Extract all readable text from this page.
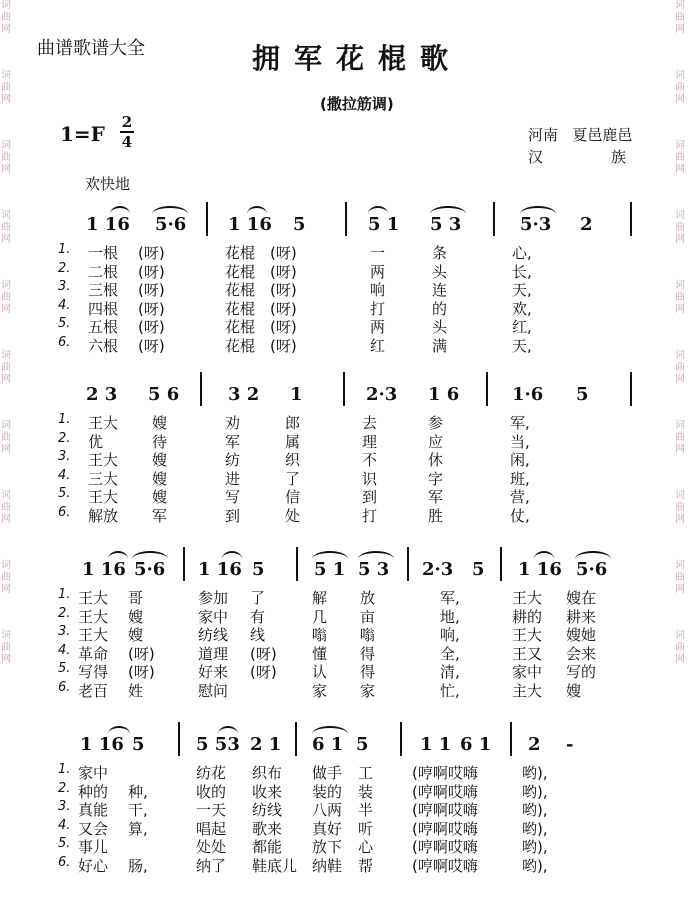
词曲网
词曲网
词曲网
词曲网
词曲网
词曲网
词曲网
词曲网
词曲网
词曲网
词曲网
词曲网
词曲网
词曲网
词曲网
词曲网
词曲网
词曲网
词曲网
词曲网
曲谱歌谱大全	拥军花棍歌
(撒拉筋调)
1=F 2
4	河南 夏邑鹿邑
汉	族
欢快地
1 16 5·6 1 16 5	5 1 5 3	5·3 2
1. 一根 (呀)	花棍 (呀)	一	条	心,
2. 二根 (呀)	花棍 (呀)	两	头	长,
3. 三根 (呀)	花棍 (呀)	响	连	天,
4. 四根 (呀)	花棍 (呀)	打	的	欢,
5. 五根 (呀)	花棍 (呀)	两	头	红,
6. 六根 (呀)	花棍 (呀)	红	满	天,
2 3 5 6	3 2 1	2·3 1 6	1·6 5
1. 王大 嫂	劝	郎	去	参	军,
2. 优	待	军	属	理	应	当,
3. 王大 嫂	纺	织	不	休	闲,
4. 三大 嫂	进	了	识	字	班,
5. 王大 嫂	写	信	到	军	营,
6. 解放 军	到	处	打	胜	仗,
1 16 5·6 1 16 5	5 1 5 3 2·3 5 1 16 5·6
1. 王大 哥	参加 了	解 放	军,	王大 嫂在
2. 王大 嫂	家中 有	几 亩	地,	耕的 耕来
3. 王大 嫂	纺线 线	嗡 嗡	响,	王大 嫂她
4. 革命 (呀)	道理 (呀) 懂 得	全,	王又 会来
5. 写得 (呀)	好来 (呀) 认 得	清,	家中 写的
6. 老百 姓	慰问	家 家	忙,	主大 嫂
1 16 5	5 53 2 1 6 1 5	1 1 6 1 2 -
1. 家中	纺花 织布 做手 工	(哼啊哎嗨	哟),
2. 种的 种,	收的 收来 装的 装	(哼啊哎嗨	哟),
3. 真能 干,	一天 纺线 八两 半	(哼啊哎嗨	哟),
4. 又会 算,	唱起 歌来 真好 听	(哼啊哎嗨	哟),
5. 事儿	处处 都能 放下 心	(哼啊哎嗨	哟),
6. 好心 肠,	纳了 鞋底儿 纳鞋 帮	(哼啊哎嗨	哟),
